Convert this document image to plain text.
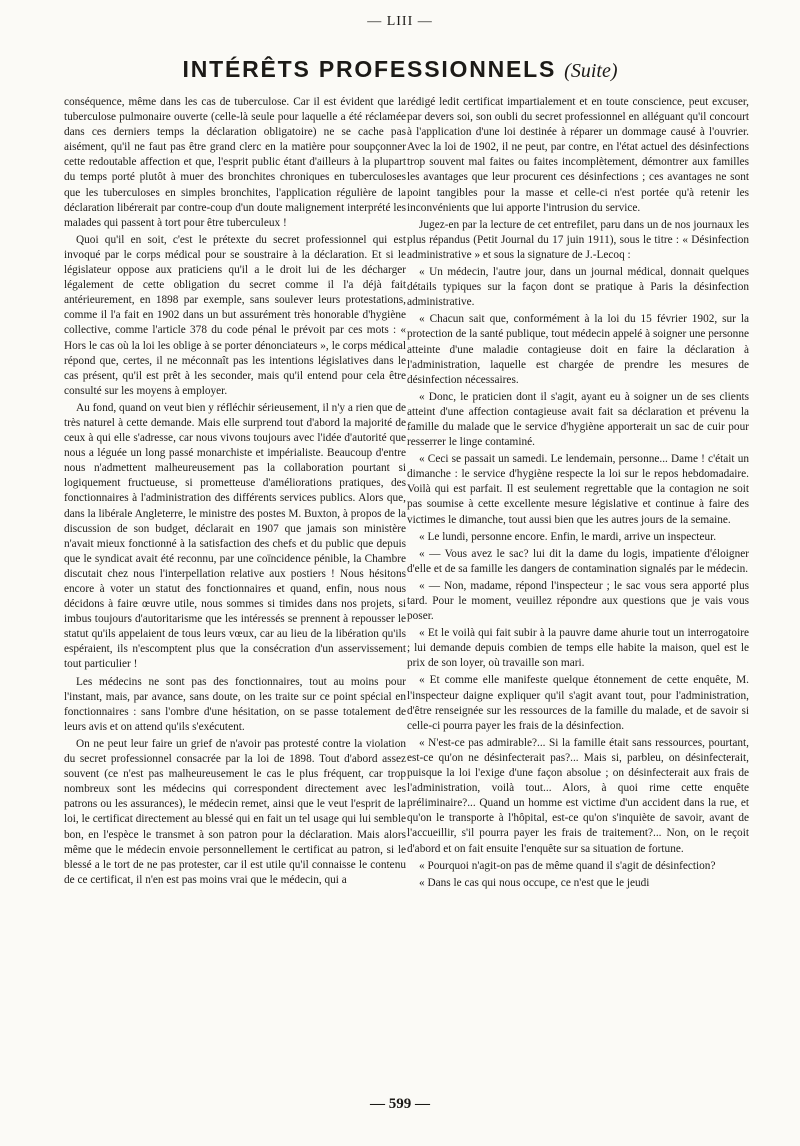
— LIII —
INTÉRÊTS PROFESSIONNELS (Suite)

conséquence, même dans les cas de tuberculose. Car il est évident que la tuberculose pulmonaire ouverte (celle-là seule pour laquelle a été réclamée dans ces derniers temps la déclaration obligatoire) ne se cache pas aisément, qu'il ne faut pas être grand clerc en la matière pour soupçonner cette redoutable affection et que, l'esprit public étant d'ailleurs à la plupart du temps porté plutôt à muer des bronchites chroniques en tuberculoses que les tuberculoses en simples bronchites, l'application régulière de la déclaration libérerait par contre-coup d'un doute malignement interprété les malades qui passent à tort pour être tuberculeux !

Quoi qu'il en soit, c'est le prétexte du secret professionnel qui est invoqué par le corps médical pour se soustraire à la déclaration. Et si le législateur oppose aux praticiens qu'il a le droit lui de les décharger légalement de cette obligation du secret comme il l'a déjà fait antérieurement, en 1898 par exemple, sans soulever leurs protestations, comme il l'a fait en 1902 dans un but assurément très honorable d'hygiène collective, comme l'article 378 du code pénal le prévoit par ces mots : « Hors le cas où la loi les oblige à se porter dénonciateurs », le corps médical répond que, certes, il ne méconnaît pas les intentions législatives dans le cas présent, qu'il est prêt à les seconder, mais qu'il entend pour cela être consulté sur les moyens à employer.

Au fond, quand on veut bien y réfléchir sérieusement, il n'y a rien que de très naturel à cette demande. Mais elle surprend tout d'abord la majorité de ceux à qui elle s'adresse, car nous vivons toujours avec l'idée d'autorité que nous a léguée un long passé monarchiste et impérialiste. Beaucoup d'entre nous n'admettent malheureusement pas la collaboration pourtant si logiquement fructueuse, si prometteuse d'améliorations pratiques, des fonctionnaires à l'administration des différents services publics. Alors que, dans la libérale Angleterre, le ministre des postes M. Buxton, à propos de la discussion de son budget, déclarait en 1907 que jamais son ministère n'avait mieux fonctionné à la satisfaction des chefs et du public que depuis que le syndicat avait été reconnu, par une coïncidence pénible, la Chambre discutait chez nous l'interpellation relative aux postiers ! Nous hésitons encore à voter un statut des fonctionnaires et quand, enfin, nous nous décidons à faire œuvre utile, nous sommes si timides dans nos projets, si imbus toujours d'autoritarisme que les intéressés se prennent à repousser le statut qu'ils appelaient de tous leurs vœux, car au lieu de la libération qu'ils espéraient, ils n'escomptent plus que la consécration d'un asservissement tout particulier !

Les médecins ne sont pas des fonctionnaires, tout au moins pour l'instant, mais, par avance, sans doute, on les traite sur ce point spécial en fonctionnaires : sans l'ombre d'une hésitation, on se passe totalement de leurs avis et on attend qu'ils s'exécutent.

On ne peut leur faire un grief de n'avoir pas protesté contre la violation du secret professionnel consacrée par la loi de 1898. Tout d'abord assez souvent (ce n'est pas malheureusement le cas le plus fréquent, car trop nombreux sont les médecins qui correspondent directement avec les patrons ou les assurances), le médecin remet, ainsi que le veut l'esprit de la loi, le certificat directement au blessé qui en fait un tel usage qui lui semble bon, en l'espèce le transmet à son patron pour la déclaration. Mais alors même que le médecin envoie personnellement le certificat au patron, si le blessé a le tort de ne pas protester, car il est utile qu'il connaisse le contenu de ce certificat, il n'en est pas moins vrai que le médecin, qui a

rédigé ledit certificat impartialement et en toute conscience, peut excuser, par devers soi, son oubli du secret professionnel en alléguant qu'il concourt à l'application d'une loi destinée à réparer un dommage causé à l'ouvrier. Avec la loi de 1902, il ne peut, par contre, en l'état actuel des désinfections trop souvent mal faites ou faites incomplètement, démontrer aux familles les avantages que leur procurent ces désinfections ; ces avantages ne sont point tangibles pour la masse et celle-ci n'est portée qu'à retenir les inconvénients que lui apporte l'intrusion du service.

Jugez-en par la lecture de cet entrefilet, paru dans un de nos journaux les plus répandus (Petit Journal du 17 juin 1911), sous le titre : « Désinfection administrative » et sous la signature de J.-Lecoq :

« Un médecin, l'autre jour, dans un journal médical, donnait quelques détails typiques sur la façon dont se pratique à Paris la désinfection administrative.

« Chacun sait que, conformément à la loi du 15 février 1902, sur la protection de la santé publique, tout médecin appelé à soigner une personne atteinte d'une maladie contagieuse doit en faire la déclaration à l'administration, laquelle est chargée de prendre les mesures de désinfection nécessaires.

« Donc, le praticien dont il s'agit, ayant eu à soigner un de ses clients atteint d'une affection contagieuse avait fait sa déclaration et prévenu la famille du malade que le service d'hygiène apporterait un sac de cuir pour resserrer le linge contaminé.

« Ceci se passait un samedi. Le lendemain, personne... Dame ! c'était un dimanche : le service d'hygiène respecte la loi sur le repos hebdomadaire. Voilà qui est parfait. Il est seulement regrettable que la contagion ne soit pas soumise à cette excellente mesure législative et continue à faire des victimes le dimanche, tout aussi bien que les autres jours de la semaine.

« Le lundi, personne encore. Enfin, le mardi, arrive un inspecteur.

« — Vous avez le sac? lui dit la dame du logis, impatiente d'éloigner d'elle et de sa famille les dangers de contamination signalés par le médecin.

« — Non, madame, répond l'inspecteur ; le sac vous sera apporté plus tard. Pour le moment, veuillez répondre aux questions que je vais vous poser.

« Et le voilà qui fait subir à la pauvre dame ahurie tout un interrogatoire ; lui demande depuis combien de temps elle habite la maison, quel est le prix de son loyer, où travaille son mari.

« Et comme elle manifeste quelque étonnement de cette enquête, M. l'inspecteur daigne expliquer qu'il s'agit avant tout, pour l'administration, d'être renseignée sur les ressources de la famille du malade, et de savoir si celle-ci pourra payer les frais de la désinfection.

« N'est-ce pas admirable?... Si la famille était sans ressources, pourtant, est-ce qu'on ne désinfecterait pas?... Mais si, parbleu, on désinfecterait, puisque la loi l'exige d'une façon absolue ; on désinfecterait aux frais de l'administration, voilà tout... Alors, à quoi rime cette enquête préliminaire?... Quand un homme est victime d'un accident dans la rue, et qu'on le transporte à l'hôpital, est-ce qu'on s'inquiète de savoir, avant de l'accueillir, s'il pourra payer les frais de traitement?... Non, on le reçoit d'abord et on fait ensuite l'enquête sur sa situation de fortune.

« Pourquoi n'agit-on pas de même quand il s'agit de désinfection?

« Dans le cas qui nous occupe, ce n'est que le jeudi

— 599 —
